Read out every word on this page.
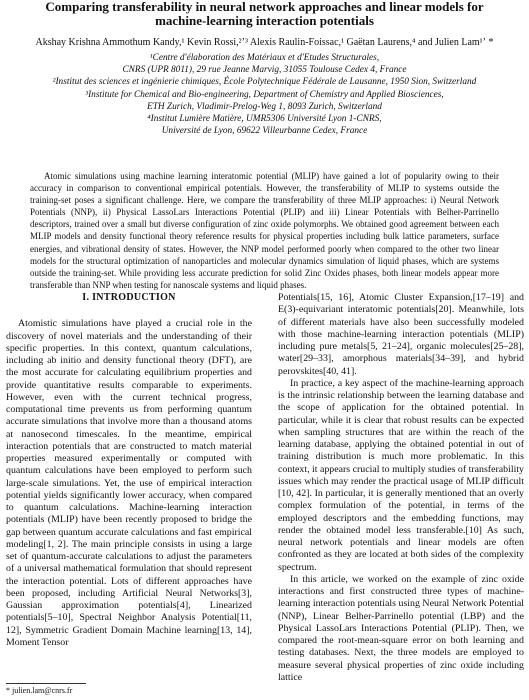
Comparing transferability in neural network approaches and linear models for machine-learning interaction potentials
Akshay Krishna Ammothum Kandy,¹ Kevin Rossi,²ʼ³ Alexis Raulin-Foissac,¹ Gaëtan Laurens,⁴ and Julien Lam¹ʼ *
¹Centre d'élaboration des Matériaux et d'Etudes Structurales,
CNRS (UPR 8011), 29 rue Jeanne Marvig, 31055 Toulouse Cedex 4, France
²Institut des sciences et ingénierie chimiques, École Polytechnique Fédérale de Lausanne, 1950 Sion, Switzerland
³Institute for Chemical and Bio-engineering, Department of Chemistry and Applied Biosciences,
ETH Zurich, Vladimir-Prelog-Weg 1, 8093 Zurich, Switzerland
⁴Institut Lumière Matière, UMR5306 Université Lyon 1-CNRS,
Université de Lyon, 69622 Villeurbanne Cedex, France

Atomic simulations using machine learning interatomic potential (MLIP) have gained a lot of popularity owing to their accuracy in comparison to conventional empirical potentials. However, the transferability of MLIP to systems outside the training-set poses a significant challenge. Here, we compare the transferability of three MLIP approaches: i) Neural Network Potentials (NNP), ii) Physical LassoLars Interactions Potential (PLIP) and iii) Linear Potentials with Belher-Parrinello descriptors, trained over a small but diverse configuration of zinc oxide polymorphs. We obtained good agreement between each MLIP models and density functional theory reference results for physical properties including bulk lattice parameters, surface energies, and vibrational density of states. However, the NNP model performed poorly when compared to the other two linear models for the structural optimization of nanoparticles and molecular dynamics simulation of liquid phases, which are systems outside the training-set. While providing less accurate prediction for solid Zinc Oxides phases, both linear models appear more transferable than NNP when testing for nanoscale systems and liquid phases.

I. INTRODUCTION

Atomistic simulations have played a crucial role in the discovery of novel materials and the understanding of their specific properties. In this context, quantum calculations, including ab initio and density functional theory (DFT), are the most accurate for calculating equilibrium properties and provide quantitative results comparable to experiments. However, even with the current technical progress, computational time prevents us from performing quantum accurate simulations that involve more than a thousand atoms at nanosecond timescales. In the meantime, empirical interaction potentials that are constructed to match material properties measured experimentally or computed with quantum calculations have been employed to perform such large-scale simulations. Yet, the use of empirical interaction potential yields significantly lower accuracy, when compared to quantum calculations. Machine-learning interaction potentials (MLIP) have been recently proposed to bridge the gap between quantum accurate calculations and fast empirical modeling[1, 2]. The main principle consists in using a large set of quantum-accurate calculations to adjust the parameters of a universal mathematical formulation that should represent the interaction potential. Lots of different approaches have been proposed, including Artificial Neural Networks[3], Gaussian approximation potentials[4], Linearized potentials[5–10], Spectral Neighbor Analysis Potential[11, 12], Symmetric Gradient Domain Machine learning[13, 14], Moment Tensor

Potentials[15, 16], Atomic Cluster Expansion,[17–19] and E(3)-equivariant interatomic potentials[20]. Meanwhile, lots of different materials have also been successfully modeled with those machine-learning interaction potentials (MLIP) including pure metals[5, 21–24], organic molecules[25–28], water[29–33], amorphous materials[34–39], and hybrid perovskites[40, 41].

In practice, a key aspect of the machine-learning approach is the intrinsic relationship between the learning database and the scope of application for the obtained potential. In particular, while it is clear that robust results can be expected when sampling structures that are within the reach of the learning database, applying the obtained potential in out of training distribution is much more problematic. In this context, it appears crucial to multiply studies of transferability issues which may render the practical usage of MLIP difficult [10, 42]. In particular, it is generally mentioned that an overly complex formulation of the potential, in terms of the employed descriptors and the embedding functions, may render the obtained model less transferable.[10] As such, neural network potentials and linear models are often confronted as they are located at both sides of the complexity spectrum.

In this article, we worked on the example of zinc oxide interactions and first constructed three types of machine-learning interaction potentials using Neural Network Potential (NNP), Linear Belher-Parrinello potential (LBP) and the Physical LassoLars Interactions Potential (PLIP). Then, we compared the root-mean-square error on both learning and testing databases. Next, the three models are employed to measure several physical properties of zinc oxide including lattice

* julien.lam@cnrs.fr
